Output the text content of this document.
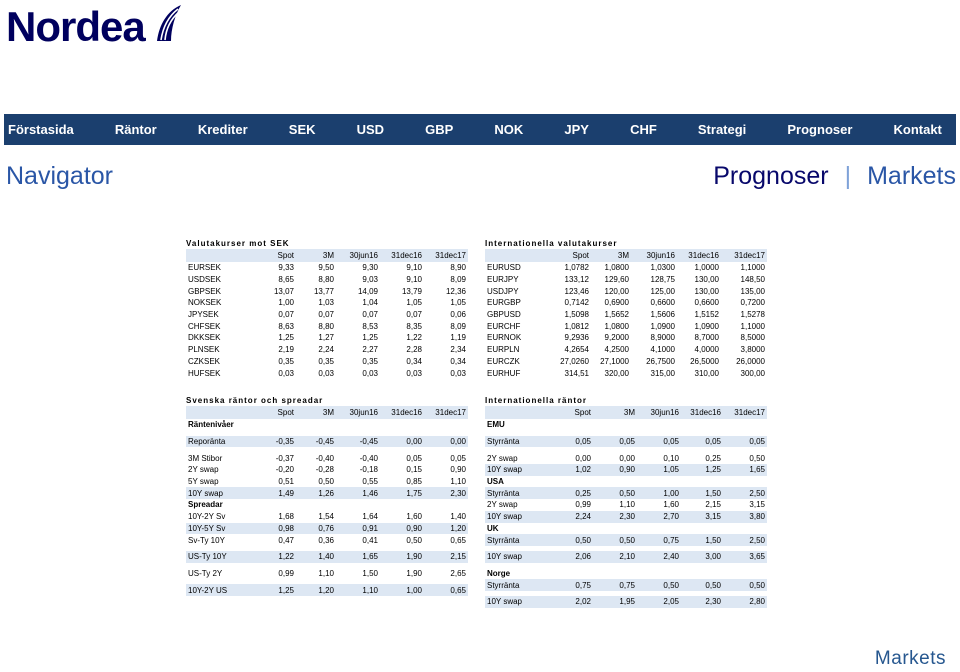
Nordea
Förstasida	Räntor	Krediter	SEK	USD	GBP	NOK	JPY	CHF	Strategi	Prognoser	Kontakt
Navigator	Prognoser | Markets
Valutakurser mot SEK
	Spot	3M	30jun16	31dec16	31dec17
EURSEK	9,33	9,50	9,30	9,10	8,90
USDSEK	8,65	8,80	9,03	9,10	8,09
GBPSEK	13,07	13,77	14,09	13,79	12,36
NOKSEK	1,00	1,03	1,04	1,05	1,05
JPYSEK	0,07	0,07	0,07	0,07	0,06
CHFSEK	8,63	8,80	8,53	8,35	8,09
DKKSEK	1,25	1,27	1,25	1,22	1,19
PLNSEK	2,19	2,24	2,27	2,28	2,34
CZKSEK	0,35	0,35	0,35	0,34	0,34
HUFSEK	0,03	0,03	0,03	0,03	0,03
Internationella valutakurser
	Spot	3M	30jun16	31dec16	31dec17
EURUSD	1,0782	1,0800	1,0300	1,0000	1,1000
EURJPY	133,12	129,60	128,75	130,00	148,50
USDJPY	123,46	120,00	125,00	130,00	135,00
EURGBP	0,7142	0,6900	0,6600	0,6600	0,7200
GBPUSD	1,5098	1,5652	1,5606	1,5152	1,5278
EURCHF	1,0812	1,0800	1,0900	1,0900	1,1000
EURNOK	9,2936	9,2000	8,9000	8,7000	8,5000
EURPLN	4,2654	4,2500	4,1000	4,0000	3,8000
EURCZK	27,0260	27,1000	26,7500	26,5000	26,0000
EURHUF	314,51	320,00	315,00	310,00	300,00
Svenska räntor och spreadar
	Spot	3M	30jun16	31dec16	31dec17
Räntenivåer					

Reporänta	-0,35	-0,45	-0,45	0,00	0,00

3M Stibor	-0,37	-0,40	-0,40	0,05	0,05
2Y swap	-0,20	-0,28	-0,18	0,15	0,90
5Y swap	0,51	0,50	0,55	0,85	1,10
10Y swap	1,49	1,26	1,46	1,75	2,30
Spreadar					
10Y-2Y Sv	1,68	1,54	1,64	1,60	1,40
10Y-5Y Sv	0,98	0,76	0,91	0,90	1,20
Sv-Ty 10Y	0,47	0,36	0,41	0,50	0,65

US-Ty 10Y	1,22	1,40	1,65	1,90	2,15

US-Ty 2Y	0,99	1,10	1,50	1,90	2,65

10Y-2Y US	1,25	1,20	1,10	1,00	0,65
Internationella räntor
	Spot	3M	30jun16	31dec16	31dec17
EMU					

Styrränta	0,05	0,05	0,05	0,05	0,05

2Y swap	0,00	0,00	0,10	0,25	0,50
10Y swap	1,02	0,90	1,05	1,25	1,65
USA					
Styrränta	0,25	0,50	1,00	1,50	2,50
2Y swap	0,99	1,10	1,60	2,15	3,15
10Y swap	2,24	2,30	2,70	3,15	3,80
UK					
Styrränta	0,50	0,50	0,75	1,50	2,50

10Y swap	2,06	2,10	2,40	3,00	3,65

Norge					
Styrränta	0,75	0,75	0,50	0,50	0,50

10Y swap	2,02	1,95	2,05	2,30	2,80
Markets
